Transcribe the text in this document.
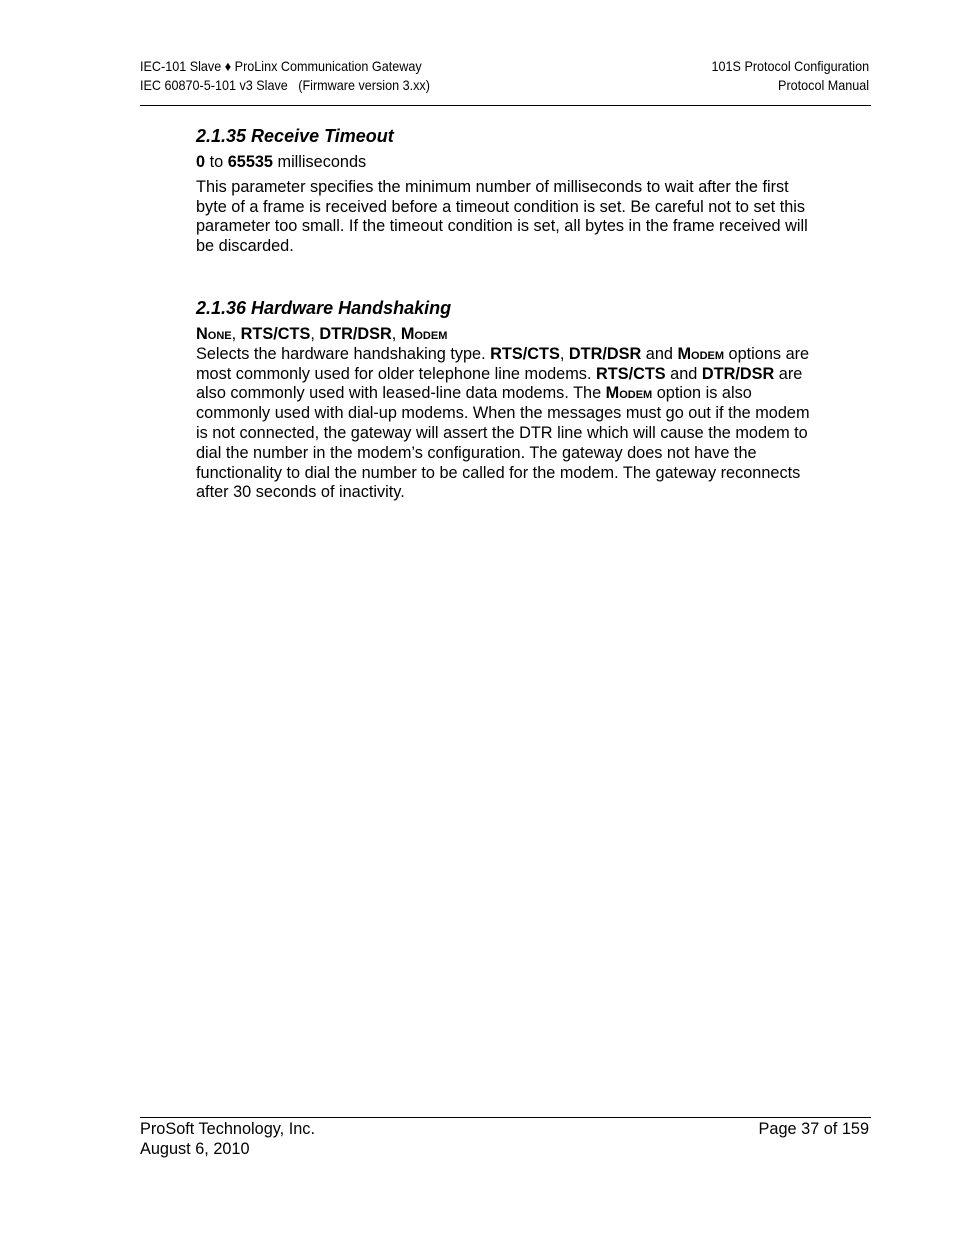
IEC-101 Slave ♦ ProLinx Communication Gateway
IEC 60870-5-101 v3 Slave   (Firmware version 3.xx)
101S Protocol Configuration
Protocol Manual
2.1.35 Receive Timeout

0 to 65535 milliseconds

This parameter specifies the minimum number of milliseconds to wait after the first byte of a frame is received before a timeout condition is set. Be careful not to set this parameter too small. If the timeout condition is set, all bytes in the frame received will be discarded.

2.1.36 Hardware Handshaking

None, RTS/CTS, DTR/DSR, Modem

Selects the hardware handshaking type. RTS/CTS, DTR/DSR and Modem options are most commonly used for older telephone line modems. RTS/CTS and DTR/DSR are also commonly used with leased-line data modems. The Modem option is also commonly used with dial-up modems. When the messages must go out if the modem is not connected, the gateway will assert the DTR line which will cause the modem to dial the number in the modem’s configuration. The gateway does not have the functionality to dial the number to be called for the modem. The gateway reconnects after 30 seconds of inactivity.

ProSoft Technology, Inc.
August 6, 2010
Page 37 of 159
